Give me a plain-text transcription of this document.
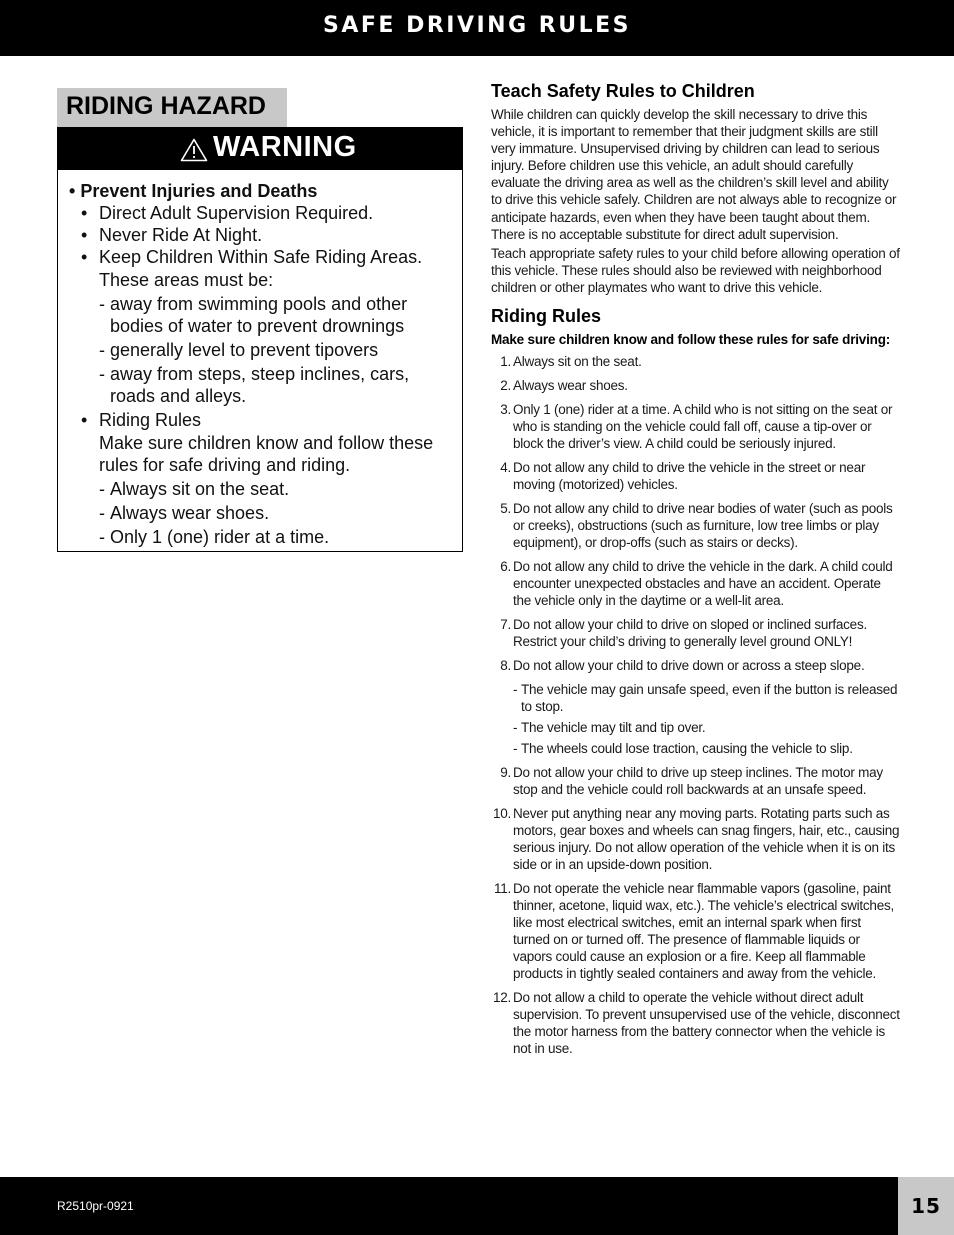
SAFE DRIVING RULES
RIDING HAZARD
WARNING
• Prevent Injuries and Deaths
• Direct Adult Supervision Required.
• Never Ride At Night.
• Keep Children Within Safe Riding Areas.
These areas must be:
- away from swimming pools and other bodies of water to prevent drownings
- generally level to prevent tipovers
- away from steps, steep inclines, cars, roads and alleys.
• Riding Rules
Make sure children know and follow these rules for safe driving and riding.
- Always sit on the seat.
- Always wear shoes.
- Only 1 (one) rider at a time.
Teach Safety Rules to Children
While children can quickly develop the skill necessary to drive this vehicle, it is important to remember that their judgment skills are still very immature. Unsupervised driving by children can lead to serious injury. Before children use this vehicle, an adult should carefully evaluate the driving area as well as the children’s skill level and ability to drive this vehicle safely. Children are not always able to recognize or anticipate hazards, even when they have been taught about them. There is no acceptable substitute for direct adult supervision.
Teach appropriate safety rules to your child before allowing operation of this vehicle. These rules should also be reviewed with neighborhood children or other playmates who want to drive this vehicle.
Riding Rules
Make sure children know and follow these rules for safe driving:
1. Always sit on the seat.
2. Always wear shoes.
3. Only 1 (one) rider at a time. A child who is not sitting on the seat or who is standing on the vehicle could fall off, cause a tip-over or block the driver’s view. A child could be seriously injured.
4. Do not allow any child to drive the vehicle in the street or near moving (motorized) vehicles.
5. Do not allow any child to drive near bodies of water (such as pools or creeks), obstructions (such as furniture, low tree limbs or play equipment), or drop-offs (such as stairs or decks).
6. Do not allow any child to drive the vehicle in the dark. A child could encounter unexpected obstacles and have an accident. Operate the vehicle only in the daytime or a well-lit area.
7. Do not allow your child to drive on sloped or inclined surfaces. Restrict your child’s driving to generally level ground ONLY!
8. Do not allow your child to drive down or across a steep slope.
- The vehicle may gain unsafe speed, even if the button is released to stop.
- The vehicle may tilt and tip over.
- The wheels could lose traction, causing the vehicle to slip.
9. Do not allow your child to drive up steep inclines. The motor may stop and the vehicle could roll backwards at an unsafe speed.
10. Never put anything near any moving parts. Rotating parts such as motors, gear boxes and wheels can snag fingers, hair, etc., causing serious injury. Do not allow operation of the vehicle when it is on its side or in an upside-down position.
11. Do not operate the vehicle near flammable vapors (gasoline, paint thinner, acetone, liquid wax, etc.). The vehicle’s electrical switches, like most electrical switches, emit an internal spark when first turned on or turned off. The presence of flammable liquids or vapors could cause an explosion or a fire. Keep all flammable products in tightly sealed containers and away from the vehicle.
12. Do not allow a child to operate the vehicle without direct adult supervision. To prevent unsupervised use of the vehicle, disconnect the motor harness from the battery connector when the vehicle is not in use.
R2510pr-0921	15
